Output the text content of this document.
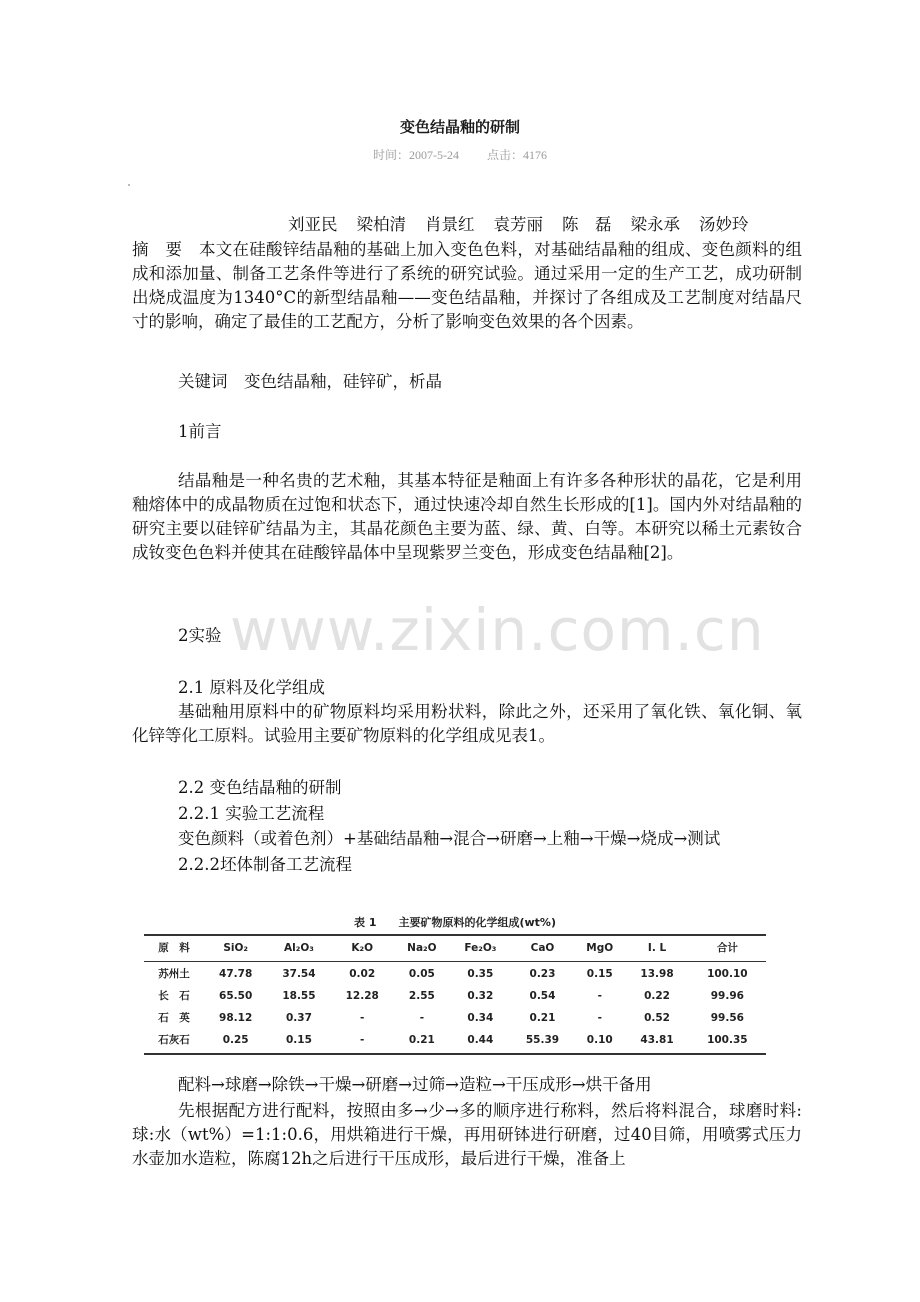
变色结晶釉的研制
时间：2007-5-24 点击：4176
刘亚民 梁柏清 肖景红 袁芳丽 陈　磊 梁永承 汤妙玲
摘　要　本文在硅酸锌结晶釉的基础上加入变色色料，对基础结晶釉的组成、变色颜料的组成和添加量、制备工艺条件等进行了系统的研究试验。通过采用一定的生产工艺，成功研制出烧成温度为1340°C的新型结晶釉——变色结晶釉，并探讨了各组成及工艺制度对结晶尺寸的影响，确定了最佳的工艺配方，分析了影响变色效果的各个因素。
关键词　变色结晶釉，硅锌矿，析晶
1前言
结晶釉是一种名贵的艺术釉，其基本特征是釉面上有许多各种形状的晶花，它是利用釉熔体中的成晶物质在过饱和状态下，通过快速冷却自然生长形成的[1]。国内外对结晶釉的研究主要以硅锌矿结晶为主，其晶花颜色主要为蓝、绿、黄、白等。本研究以稀土元素钕合成钕变色色料并使其在硅酸锌晶体中呈现紫罗兰变色，形成变色结晶釉[2]。
www.zixin.com.cn
2实验
2.1 原料及化学组成
基础釉用原料中的矿物原料均采用粉状料，除此之外，还采用了氧化铁、氧化铜、氧化锌等化工原料。试验用主要矿物原料的化学组成见表1。
2.2 变色结晶釉的研制
2.2.1 实验工艺流程
变色颜料（或着色剂）+基础结晶釉→混合→研磨→上釉→干燥→烧成→测试
2.2.2坯体制备工艺流程
表 1　　主要矿物原料的化学组成(wt%)
原　料	SiO₂	Al₂O₃	K₂O	Na₂O	Fe₂O₃	CaO	MgO	I. L	合计
苏州土	47.78	37.54	0.02	0.05	0.35	0.23	0.15	13.98	100.10
长　石	65.50	18.55	12.28	2.55	0.32	0.54	-	0.22	99.96
石　英	98.12	0.37	-	-	0.34	0.21	-	0.52	99.56
石灰石	0.25	0.15	-	0.21	0.44	55.39	0.10	43.81	100.35
配料→球磨→除铁→干燥→研磨→过筛→造粒→干压成形→烘干备用
先根据配方进行配料，按照由多→少→多的顺序进行称料，然后将料混合，球磨时料:球:水（wt%）=1:1:0.6，用烘箱进行干燥，再用研钵进行研磨，过40目筛，用喷雾式压力水壶加水造粒，陈腐12h之后进行干压成形，最后进行干燥，准备上
